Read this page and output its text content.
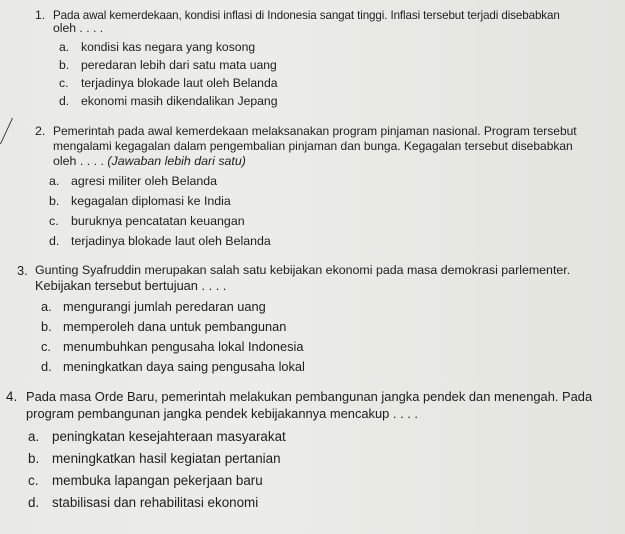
1. Pada awal kemerdekaan, kondisi inflasi di Indonesia sangat tinggi. Inflasi tersebut terjadi disebabkan
oleh . . . .
a. kondisi kas negara yang kosong
b. peredaran lebih dari satu mata uang
c. terjadinya blokade laut oleh Belanda
d. ekonomi masih dikendalikan Jepang
2. Pemerintah pada awal kemerdekaan melaksanakan program pinjaman nasional. Program tersebut
mengalami kegagalan dalam pengembalian pinjaman dan bunga. Kegagalan tersebut disebabkan
oleh . . . . (Jawaban lebih dari satu)
a. agresi militer oleh Belanda
b. kegagalan diplomasi ke India
c. buruknya pencatatan keuangan
d. terjadinya blokade laut oleh Belanda
3. Gunting Syafruddin merupakan salah satu kebijakan ekonomi pada masa demokrasi parlementer.
Kebijakan tersebut bertujuan . . . .
a. mengurangi jumlah peredaran uang
b. memperoleh dana untuk pembangunan
c. menumbuhkan pengusaha lokal Indonesia
d. meningkatkan daya saing pengusaha lokal
4. Pada masa Orde Baru, pemerintah melakukan pembangunan jangka pendek dan menengah. Pada
program pembangunan jangka pendek kebijakannya mencakup . . . .
a. peningkatan kesejahteraan masyarakat
b. meningkatkan hasil kegiatan pertanian
c. membuka lapangan pekerjaan baru
d. stabilisasi dan rehabilitasi ekonomi
